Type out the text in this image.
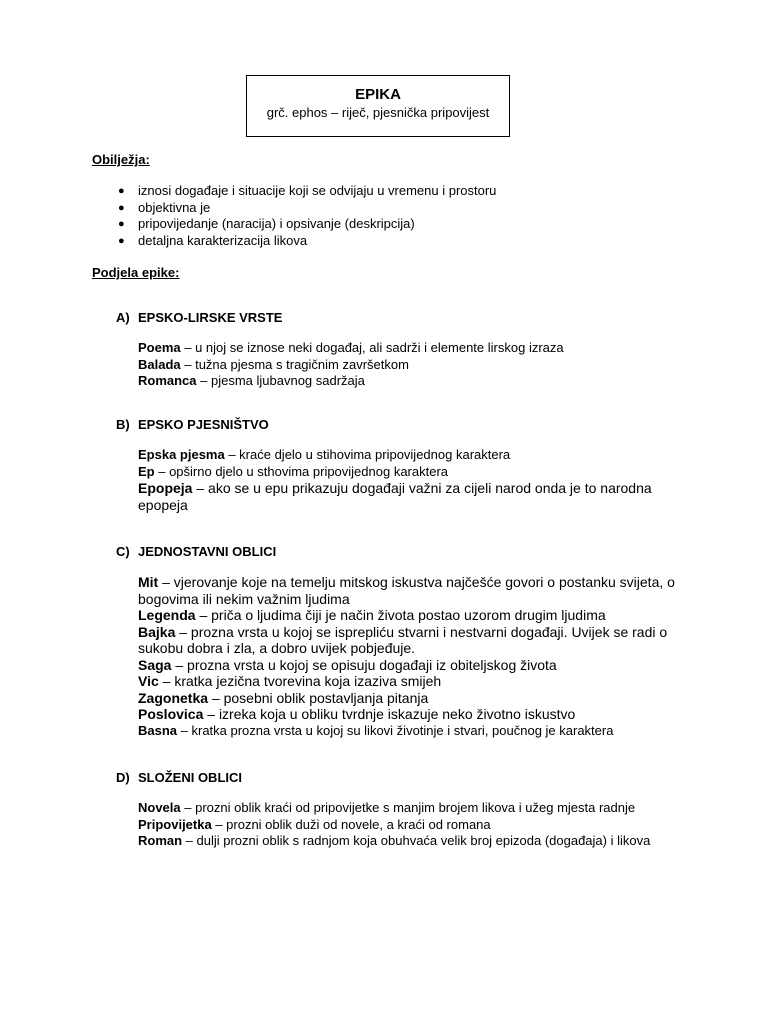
EPIKA
grč. ephos – riječ, pjesnička pripovijest
Obilježja:
● iznosi događaje i situacije koji se odvijaju u vremenu i prostoru
● objektivna je
● pripovijedanje (naracija) i opsivanje (deskripcija)
● detaljna karakterizacija likova
Podjela epike:
A) EPSKO-LIRSKE VRSTE
Poema – u njoj se iznose neki događaj, ali sadrži i elemente lirskog izraza
Balada – tužna pjesma s tragičnim završetkom
Romanca – pjesma ljubavnog sadržaja
B) EPSKO PJESNIŠTVO
Epska pjesma – kraće djelo u stihovima pripovijednog karaktera
Ep – opširno djelo u sthovima pripovijednog karaktera
Epopeja – ako se u epu prikazuju događaji važni za cijeli narod onda je to narodna epopeja
C) JEDNOSTAVNI OBLICI
Mit – vjerovanje koje na temelju mitskog iskustva najčešće govori o postanku svijeta, o bogovima ili nekim važnim ljudima
Legenda – priča o ljudima čiji je način života postao uzorom drugim ljudima
Bajka – prozna vrsta u kojoj se isprepliću stvarni i nestvarni događaji. Uvijek se radi o sukobu dobra i zla, a dobro uvijek pobjeđuje.
Saga – prozna vrsta u kojoj se opisuju događaji iz obiteljskog života
Vic – kratka jezična tvorevina koja izaziva smijeh
Zagonetka – posebni oblik postavljanja pitanja
Poslovica – izreka koja u obliku tvrdnje iskazuje neko životno iskustvo
Basna – kratka prozna vrsta u kojoj su likovi životinje i stvari, poučnog je karaktera
D) SLOŽENI OBLICI
Novela – prozni oblik kraći od pripovijetke s manjim brojem likova i užeg mjesta radnje
Pripovijetka – prozni oblik duži od novele, a kraći od romana
Roman – dulji prozni oblik s radnjom koja obuhvaća velik broj epizoda (događaja) i likova
